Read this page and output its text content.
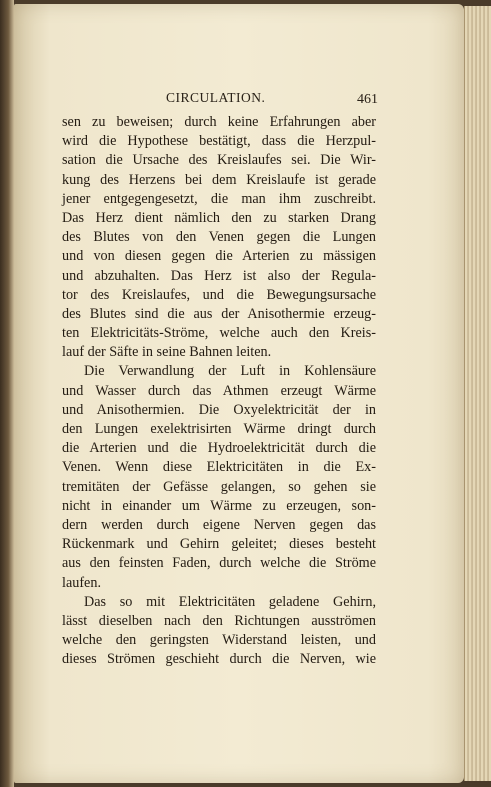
CIRCULATION.	461
sen zu beweisen; durch keine Erfahrungen aber
wird die Hypothese bestätigt, dass die Herzpul-
sation die Ursache des Kreislaufes sei. Die Wir-
kung des Herzens bei dem Kreislaufe ist gerade
jener entgegengesetzt, die man ihm zuschreibt.
Das Herz dient nämlich den zu starken Drang
des Blutes von den Venen gegen die Lungen
und von diesen gegen die Arterien zu mässigen
und abzuhalten. Das Herz ist also der Regula-
tor des Kreislaufes, und die Bewegungsursache
des Blutes sind die aus der Anisothermie erzeug-
ten Elektricitäts-Ströme, welche auch den Kreis-
lauf der Säfte in seine Bahnen leiten.
Die Verwandlung der Luft in Kohlensäure
und Wasser durch das Athmen erzeugt Wärme
und Anisothermien. Die Oxyelektricität der in
den Lungen exelektrisirten Wärme dringt durch
die Arterien und die Hydroelektricität durch die
Venen. Wenn diese Elektricitäten in die Ex-
tremitäten der Gefässe gelangen, so gehen sie
nicht in einander um Wärme zu erzeugen, son-
dern werden durch eigene Nerven gegen das
Rückenmark und Gehirn geleitet; dieses besteht
aus den feinsten Faden, durch welche die Ströme
laufen.
Das so mit Elektricitäten geladene Gehirn,
lässt dieselben nach den Richtungen ausströmen
welche den geringsten Widerstand leisten, und
dieses Strömen geschieht durch die Nerven, wie
